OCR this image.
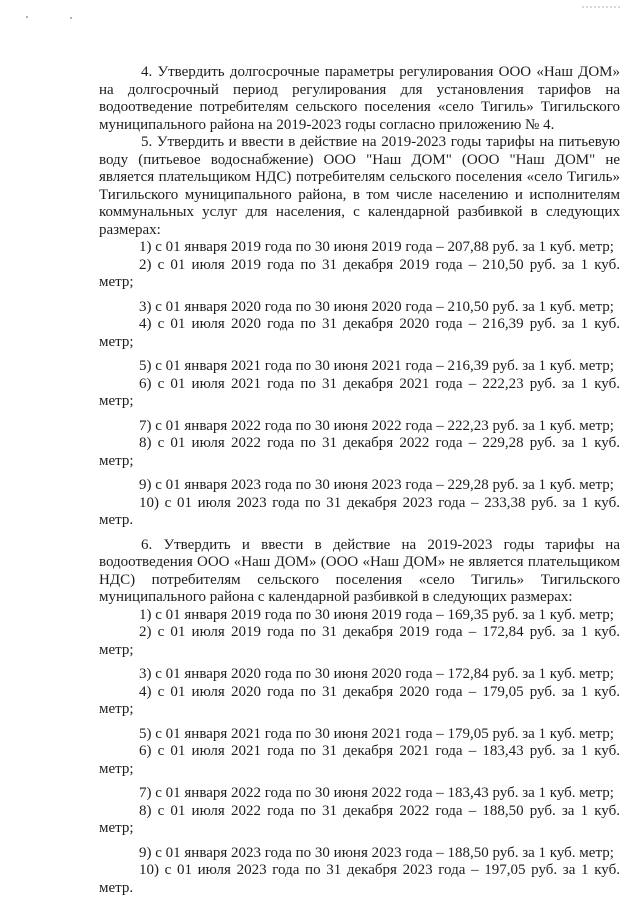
4. Утвердить долгосрочные параметры регулирования ООО «Наш ДОМ» на долгосрочный период регулирования для установления тарифов на водоотведение потребителям сельского поселения «село Тигиль» Тигильского муниципального района на 2019-2023 годы согласно приложению № 4.

5. Утвердить и ввести в действие на 2019-2023 годы тарифы на питьевую воду (питьевое водоснабжение) ООО "Наш ДОМ" (ООО "Наш ДОМ" не является плательщиком НДС) потребителям сельского поселения «село Тигиль» Тигильского муниципального района, в том числе населению и исполнителям коммунальных услуг для населения, с календарной разбивкой в следующих размерах:

1) с 01 января 2019 года по 30 июня 2019 года – 207,88 руб. за 1 куб. метр;

2) с 01 июля 2019 года по 31 декабря 2019 года – 210,50 руб. за 1 куб. метр;

3) с 01 января 2020 года по 30 июня 2020 года – 210,50 руб. за 1 куб. метр;

4) с 01 июля 2020 года по 31 декабря 2020 года – 216,39 руб. за 1 куб. метр;

5) с 01 января 2021 года по 30 июня 2021 года – 216,39 руб. за 1 куб. метр;

6) с 01 июля 2021 года по 31 декабря 2021 года – 222,23 руб. за 1 куб. метр;

7) с 01 января 2022 года по 30 июня 2022 года – 222,23 руб. за 1 куб. метр;

8) с 01 июля 2022 года по 31 декабря 2022 года – 229,28 руб. за 1 куб. метр;

9) с 01 января 2023 года по 30 июня 2023 года – 229,28 руб. за 1 куб. метр;

10) с 01 июля 2023 года по 31 декабря 2023 года – 233,38 руб. за 1 куб. метр.

6. Утвердить и ввести в действие на 2019-2023 годы тарифы на водоотведения ООО «Наш ДОМ» (ООО «Наш ДОМ» не является плательщиком НДС) потребителям сельского поселения «село Тигиль» Тигильского муниципального района с календарной разбивкой в следующих размерах:

1) с 01 января 2019 года по 30 июня 2019 года – 169,35 руб. за 1 куб. метр;

2) с 01 июля 2019 года по 31 декабря 2019 года – 172,84 руб. за 1 куб. метр;

3) с 01 января 2020 года по 30 июня 2020 года – 172,84 руб. за 1 куб. метр;

4) с 01 июля 2020 года по 31 декабря 2020 года – 179,05 руб. за 1 куб. метр;

5) с 01 января 2021 года по 30 июня 2021 года – 179,05 руб. за 1 куб. метр;

6) с 01 июля 2021 года по 31 декабря 2021 года – 183,43 руб. за 1 куб. метр;

7) с 01 января 2022 года по 30 июня 2022 года – 183,43 руб. за 1 куб. метр;

8) с 01 июля 2022 года по 31 декабря 2022 года – 188,50 руб. за 1 куб. метр;

9) с 01 января 2023 года по 30 июня 2023 года – 188,50 руб. за 1 куб. метр;

10) с 01 июля 2023 года по 31 декабря 2023 года – 197,05 руб. за 1 куб. метр.
